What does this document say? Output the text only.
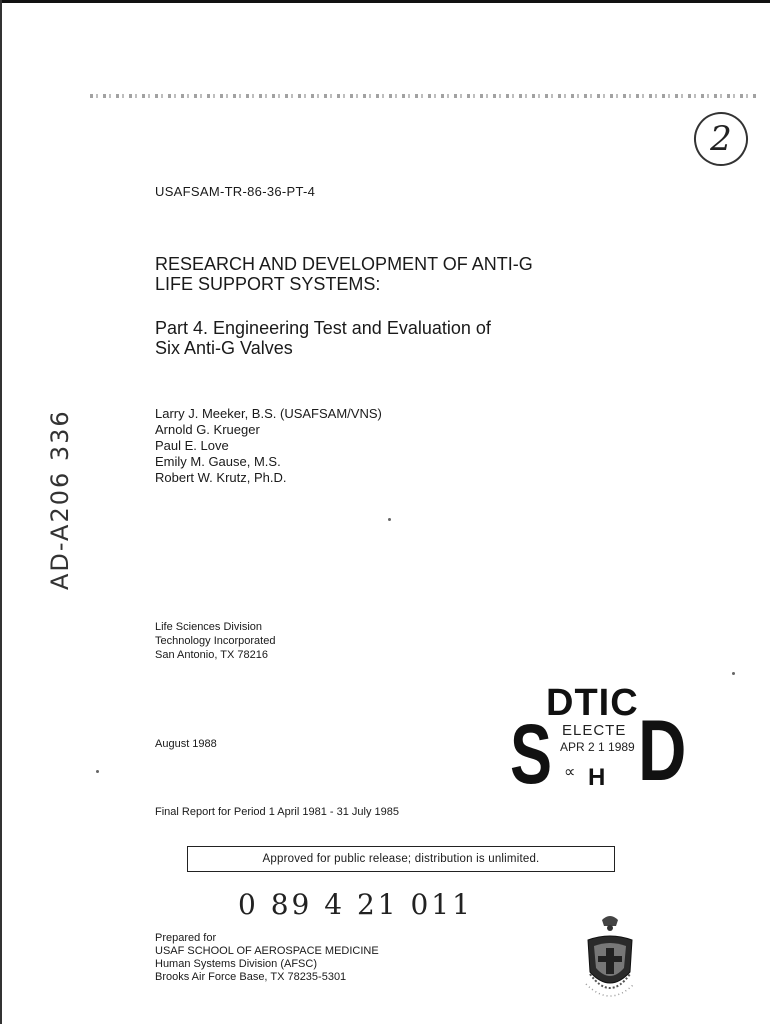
2
USAFSAM-TR-86-36-PT-4
RESEARCH AND DEVELOPMENT OF ANTI-G
LIFE SUPPORT SYSTEMS:
Part 4. Engineering Test and Evaluation of
Six Anti-G Valves
Larry J. Meeker, B.S. (USAFSAM/VNS)
Arnold G. Krueger
Paul E. Love
Emily M. Gause, M.S.
Robert W. Krutz, Ph.D.
AD-A206 336
Life Sciences Division
Technology Incorporated
San Antonio, TX 78216
August 1988
DTIC
S ELECTE
APR 2 1 1989
∝ H D
Final Report for Period 1 April 1981 - 31 July 1985
Approved for public release; distribution is unlimited.
0 89 4 21 011
Prepared for
USAF SCHOOL OF AEROSPACE MEDICINE
Human Systems Division (AFSC)
Brooks Air Force Base, TX 78235-5301
